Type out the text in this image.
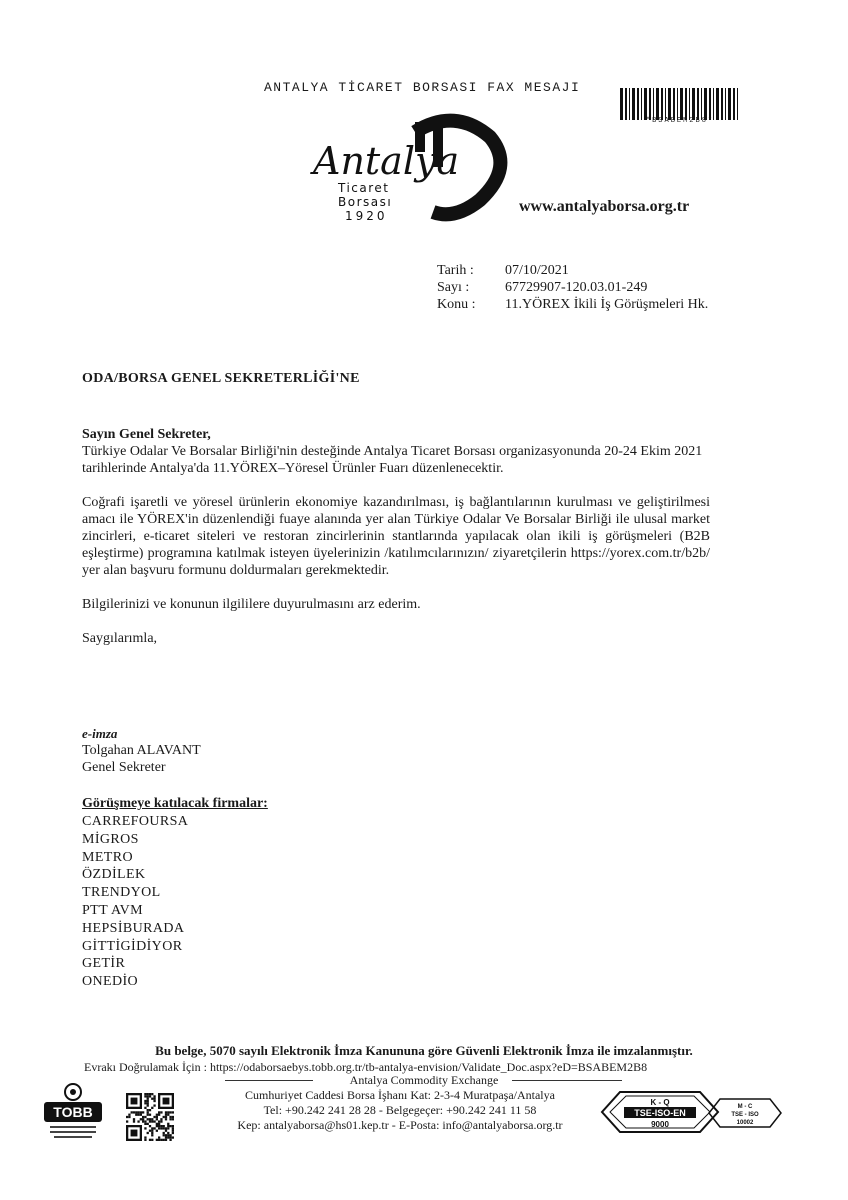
ANTALYA TİCARET BORSASI FAX MESAJI
*BSABEM2B8*
Antalya
Ticaret
Borsası
1920
www.antalyaborsa.org.tr
Tarih :	07/10/2021
Sayı :	67729907-120.03.01-249
Konu :	11.YÖREX İkili İş Görüşmeleri Hk.
ODA/BORSA GENEL SEKRETERLİĞİ'NE
Sayın Genel Sekreter,

Türkiye Odalar Ve Borsalar Birliği'nin desteğinde Antalya Ticaret Borsası organizasyonunda 20-24 Ekim 2021 tarihlerinde Antalya'da 11.YÖREX–Yöresel Ürünler Fuarı düzenlenecektir.

Coğrafi işaretli ve yöresel ürünlerin ekonomiye kazandırılması, iş bağlantılarının kurulması ve geliştirilmesi amacı ile YÖREX'in düzenlendiği fuaye alanında yer alan Türkiye Odalar Ve Borsalar Birliği ile ulusal market zincirleri, e-ticaret siteleri ve restoran zincirlerinin stantlarında yapılacak olan ikili iş görüşmeleri (B2B eşleştirme) programına katılmak isteyen üyelerinizin /katılımcılarınızın/ ziyaretçilerin https://yorex.com.tr/b2b/ yer alan başvuru formunu doldurmaları gerekmektedir.

Bilgilerinizi ve konunun ilgililere duyurulmasını arz ederim.

Saygılarımla,

e-imza
Tolgahan ALAVANT
Genel Sekreter
Görüşmeye katılacak firmalar:
CARREFOURSA
MİGROS
METRO
ÖZDİLEK
TRENDYOL
PTT AVM
HEPSİBURADA
GİTTİGİDİYOR
GETİR
ONEDİO
Bu belge, 5070 sayılı Elektronik İmza Kanununa göre Güvenli Elektronik İmza ile imzalanmıştır.
Evrakı Doğrulamak İçin : https://odaborsaebys.tobb.org.tr/tb-antalya-envision/Validate_Doc.aspx?eD=BSABEM2B8
Antalya Commodity Exchange
Cumhuriyet Caddesi Borsa İşhanı Kat: 2-3-4 Muratpaşa/Antalya
Tel: +90.242 241 28 28 - Belgegeçer: +90.242 241 11 58
Kep: antalyaborsa@hs01.kep.tr - E-Posta: info@antalyaborsa.org.tr
TOBB
K - Q
TSE-ISO-EN
9000
M - C
TSE - ISO
10002
